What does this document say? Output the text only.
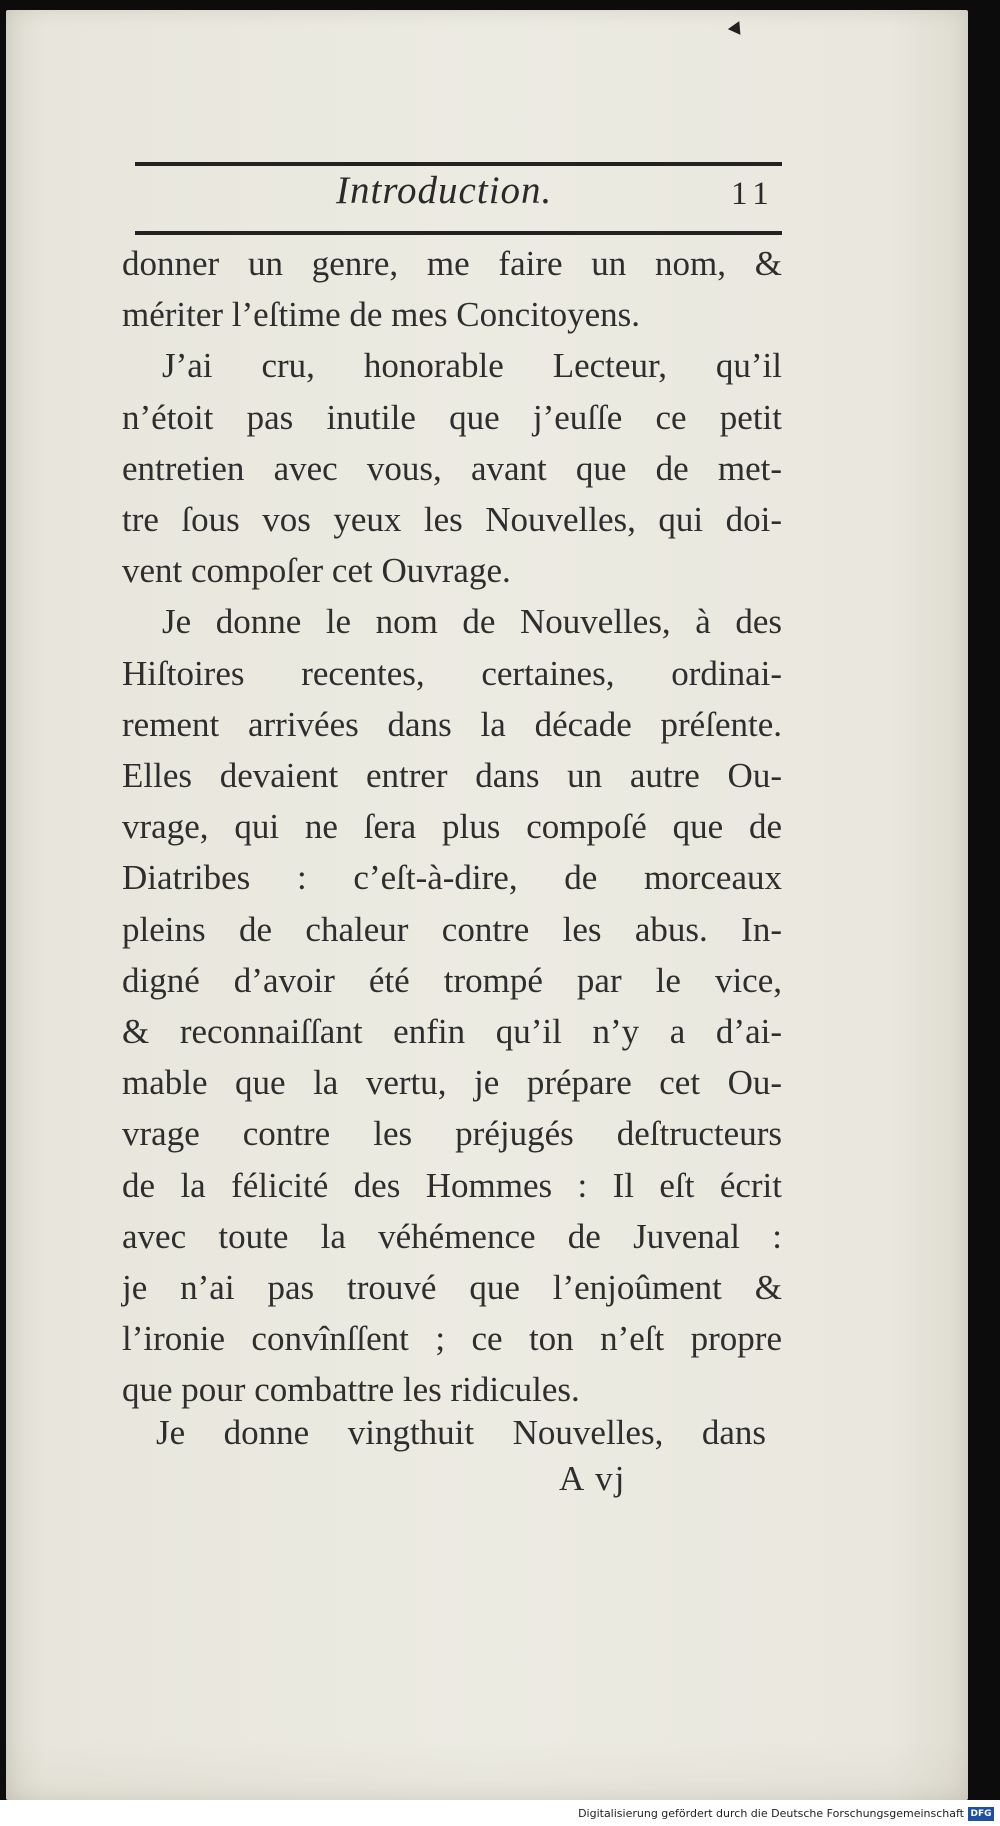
Introduction.	11
donner un genre, me faire un nom, &
mériter l’eſtime de mes Concitoyens.
J’ai cru, honorable Lecteur, qu’il
n’étoit pas inutile que j’euſſe ce petit
entretien avec vous, avant que de met-
tre ſous vos yeux les Nouvelles, qui doi-
vent compoſer cet Ouvrage.
Je donne le nom de Nouvelles, à des
Hiſtoires recentes, certaines, ordinai-
rement arrivées dans la décade préſente.
Elles devaient entrer dans un autre Ou-
vrage, qui ne ſera plus compoſé que de
Diatribes : c’eſt-à-dire, de morceaux
pleins de chaleur contre les abus. In-
digné d’avoir été trompé par le vice,
& reconnaiſſant enfin qu’il n’y a d’ai-
mable que la vertu, je prépare cet Ou-
vrage contre les préjugés deſtructeurs
de la félicité des Hommes : Il eſt écrit
avec toute la véhémence de Juvenal :
je n’ai pas trouvé que l’enjoûment &
l’ironie convînſſent ; ce ton n’eſt propre
que pour combattre les ridicules.
Je donne vingthuit Nouvelles, dans
A vj
Digitalisierung gefördert durch die Deutsche Forschungsgemeinschaft DFG
